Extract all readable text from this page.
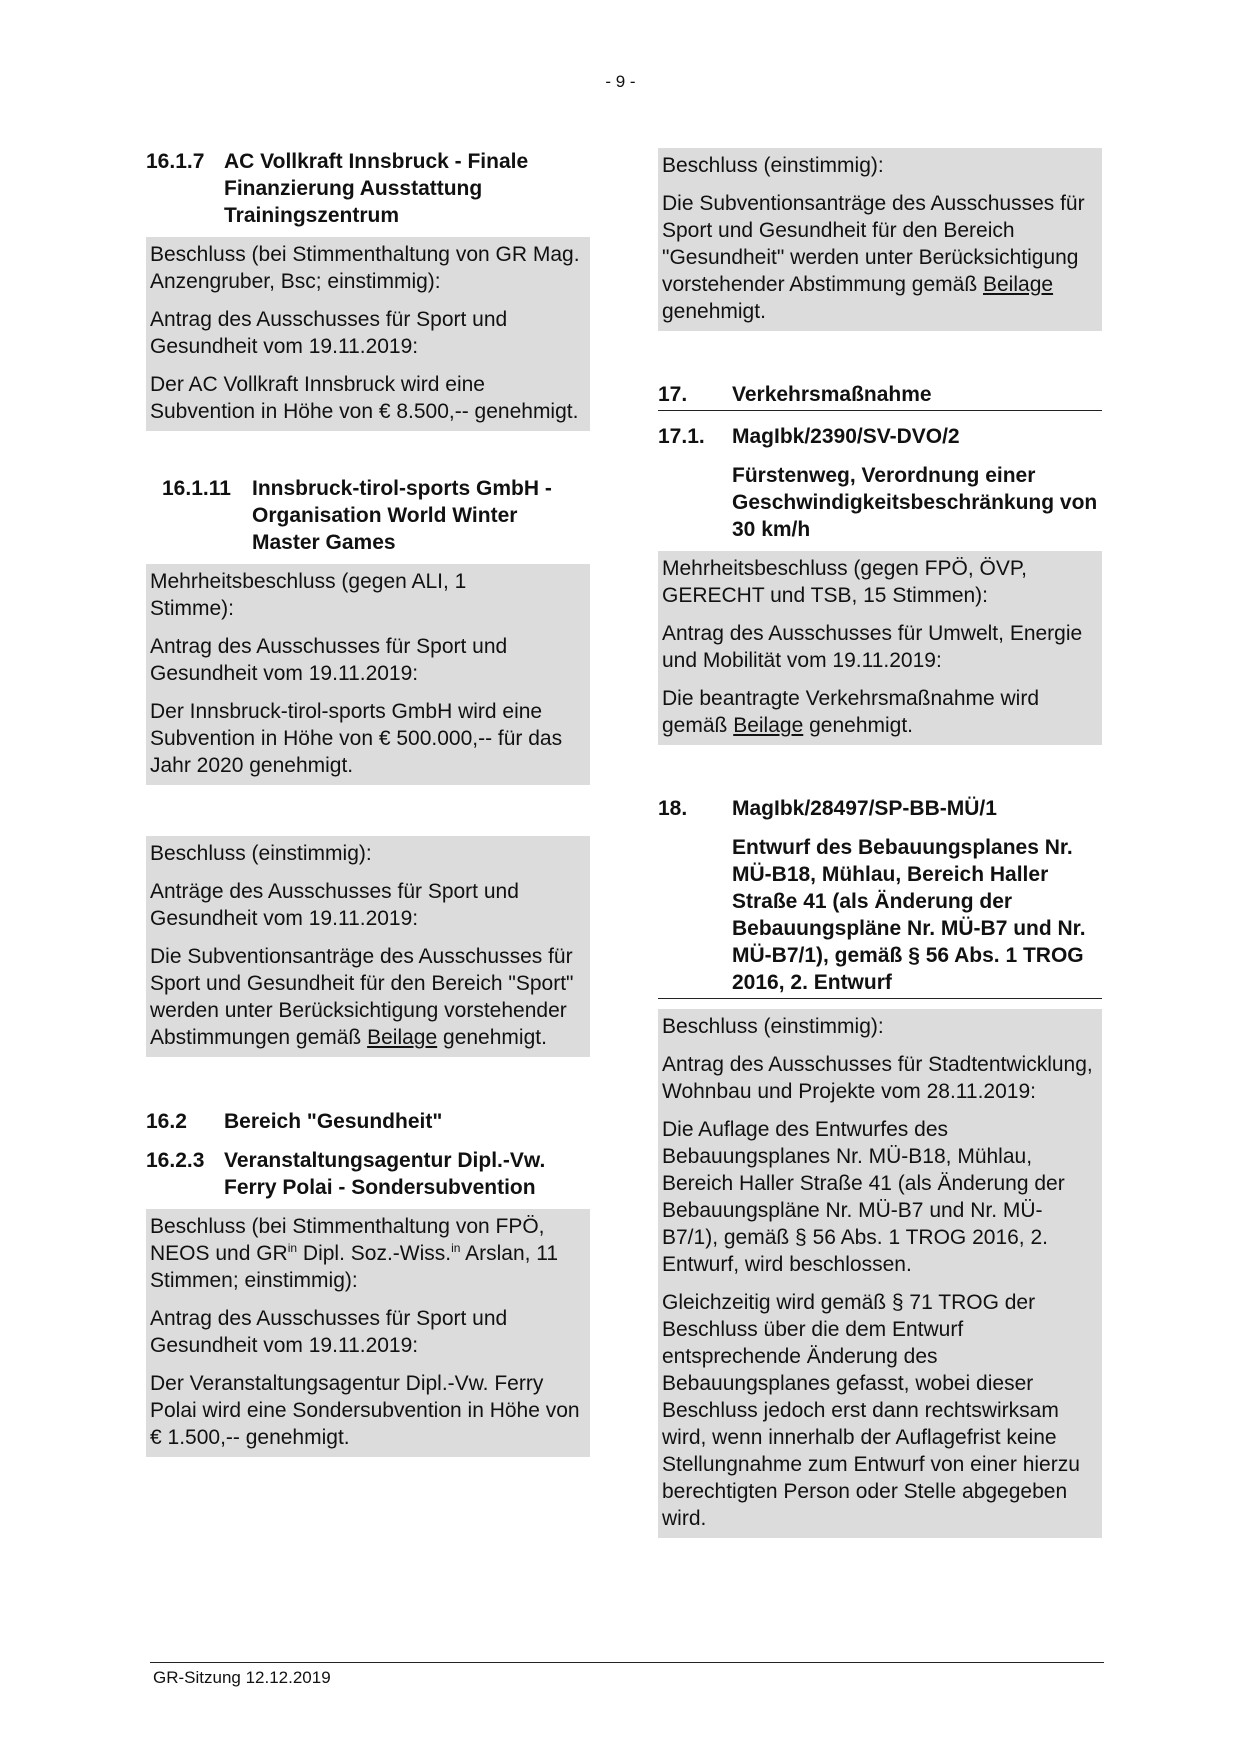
- 9 -
16.1.7 AC Vollkraft Innsbruck - Finale Finanzierung Ausstattung Trainingszentrum

Beschluss (bei Stimmenthaltung von GR Mag. Anzengruber, Bsc; einstimmig):

Antrag des Ausschusses für Sport und Gesundheit vom 19.11.2019:

Der AC Vollkraft Innsbruck wird eine Subvention in Höhe von € 8.500,-- genehmigt.

16.1.11	Innsbruck-tirol-sports GmbH - Organisation World Winter Master Games

Mehrheitsbeschluss (gegen ALI, 1 Stimme):

Antrag des Ausschusses für Sport und Gesundheit vom 19.11.2019:

Der Innsbruck-tirol-sports GmbH wird eine Subvention in Höhe von € 500.000,-- für das Jahr 2020 genehmigt.

Beschluss (einstimmig):

Anträge des Ausschusses für Sport und Gesundheit vom 19.11.2019:

Die Subventionsanträge des Ausschusses für Sport und Gesundheit für den Bereich "Sport" werden unter Berücksichtigung vorstehender Abstimmungen gemäß Beilage genehmigt.

16.2	Bereich "Gesundheit"
16.2.3 Veranstaltungsagentur Dipl.-Vw. Ferry Polai - Sondersubvention

Beschluss (bei Stimmenthaltung von FPÖ, NEOS und $GR^{in}$ Dipl. Soz.-Wiss.$^{in}$ Arslan, 11 Stimmen; einstimmig):

Antrag des Ausschusses für Sport und Gesundheit vom 19.11.2019:

Der Veranstaltungsagentur Dipl.-Vw. Ferry Polai wird eine Sondersubvention in Höhe von € 1.500,-- genehmigt.

Beschluss (einstimmig):

Die Subventionsanträge des Ausschusses für Sport und Gesundheit für den Bereich "Gesundheit" werden unter Berücksichtigung vorstehender Abstimmung gemäß Beilage genehmigt.

17.	Verkehrsmaßnahme
17.1.	MagIbk/2390/SV-DVO/2
Fürstenweg, Verordnung einer Geschwindigkeitsbeschränkung von 30 km/h

Mehrheitsbeschluss (gegen FPÖ, ÖVP, GERECHT und TSB, 15 Stimmen):

Antrag des Ausschusses für Umwelt, Energie und Mobilität vom 19.11.2019:

Die beantragte Verkehrsmaßnahme wird gemäß Beilage genehmigt.

18.	MagIbk/28497/SP-BB-MÜ/1
Entwurf des Bebauungsplanes Nr. MÜ-B18, Mühlau, Bereich Haller Straße 41 (als Änderung der Bebauungspläne Nr. MÜ-B7 und Nr. MÜ-B7/1), gemäß § 56 Abs. 1 TROG 2016, 2. Entwurf

Beschluss (einstimmig):

Antrag des Ausschusses für Stadtentwicklung, Wohnbau und Projekte vom 28.11.2019:

Die Auflage des Entwurfes des Bebauungsplanes Nr. MÜ-B18, Mühlau, Bereich Haller Straße 41 (als Änderung der Bebauungspläne Nr. MÜ-B7 und Nr. MÜ-B7/1), gemäß § 56 Abs. 1 TROG 2016, 2. Entwurf, wird beschlossen.

Gleichzeitig wird gemäß § 71 TROG der Beschluss über die dem Entwurf entsprechende Änderung des Bebauungsplanes gefasst, wobei dieser Beschluss jedoch erst dann rechtswirksam wird, wenn innerhalb der Auflagefrist keine Stellungnahme zum Entwurf von einer hierzu berechtigten Person oder Stelle abgegeben wird.

GR-Sitzung 12.12.2019
